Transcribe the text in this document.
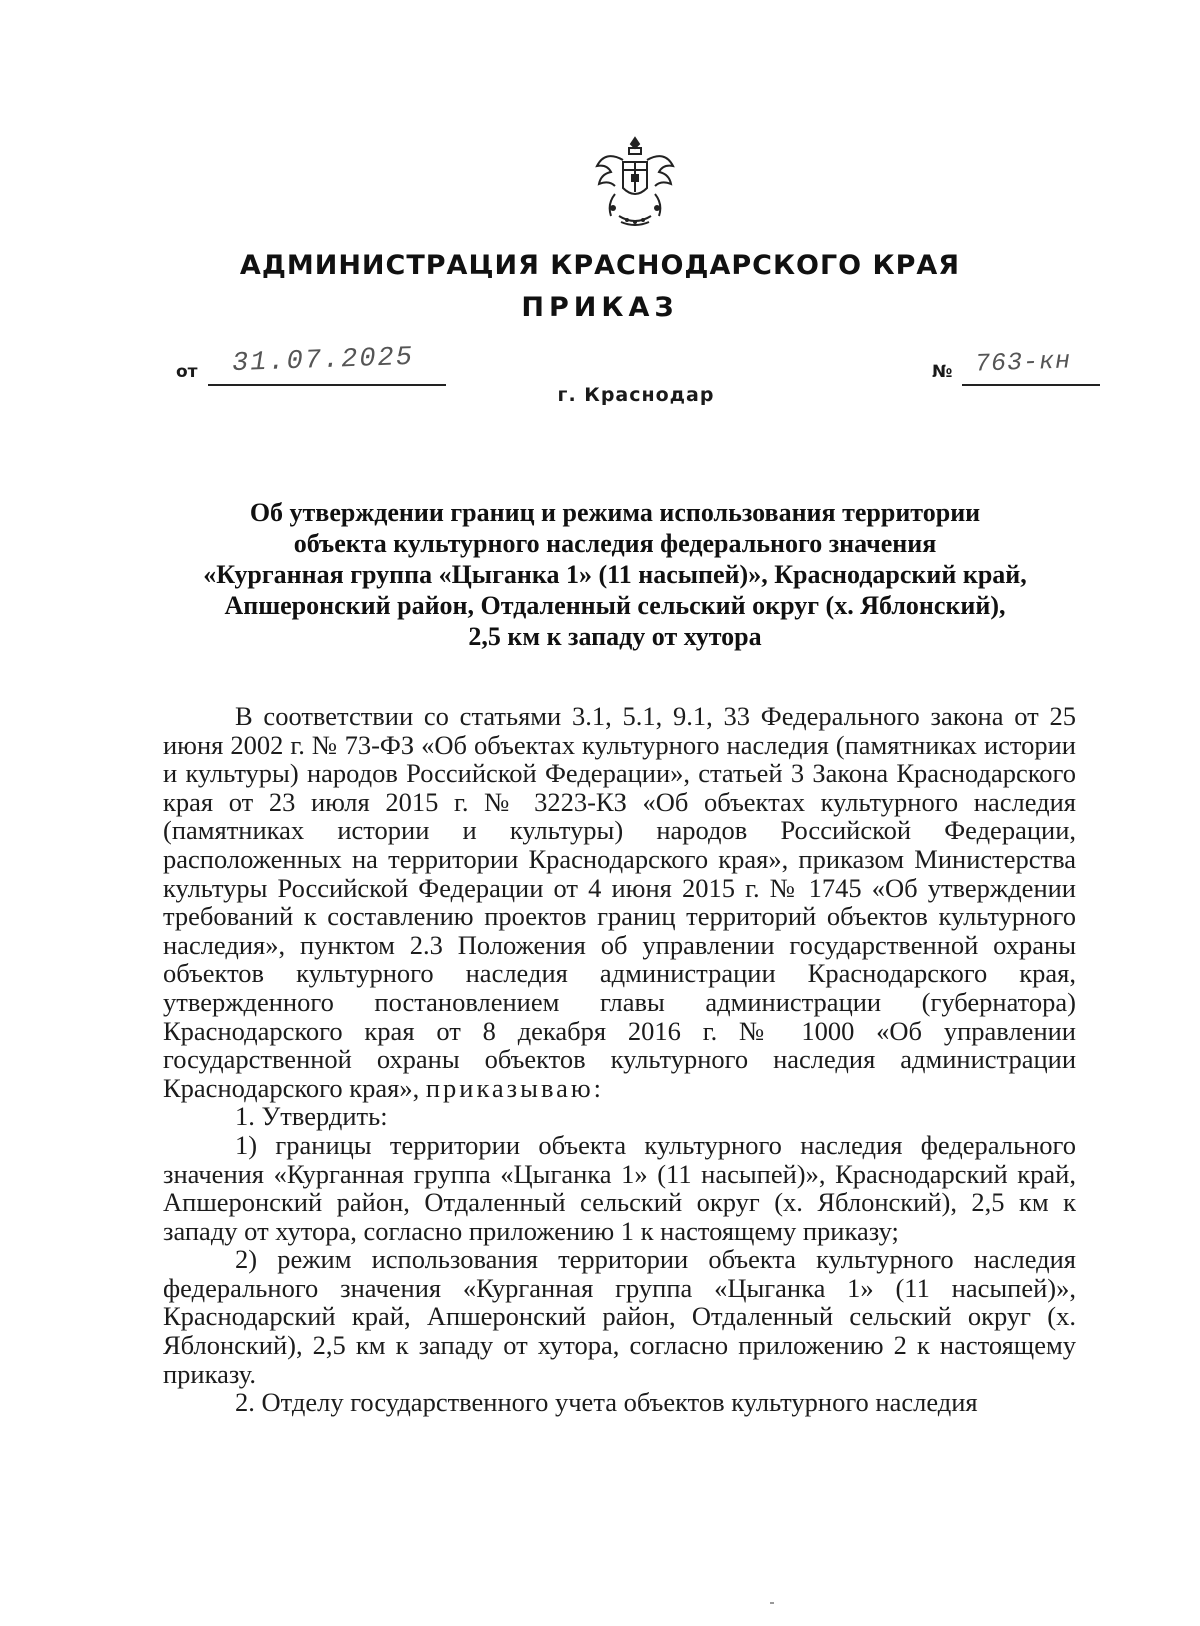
АДМИНИСТРАЦИЯ КРАСНОДАРСКОГО КРАЯ
ПРИКАЗ
от 31.07.2025	№ 763-кн
г. Краснодар
Об утверждении границ и режима использования территории
объекта культурного наследия федерального значения
«Курганная группа «Цыганка 1» (11 насыпей)», Краснодарский край,
Апшеронский район, Отдаленный сельский округ (х. Яблонский),
2,5 км к западу от хутора

В соответствии со статьями 3.1, 5.1, 9.1, 33 Федерального закона от 25 июня 2002 г. № 73-ФЗ «Об объектах культурного наследия (памятниках истории и культуры) народов Российской Федерации», статьей 3 Закона Краснодарского края от 23 июля 2015 г. № 3223-КЗ «Об объектах культурного наследия (памятниках истории и культуры) народов Российской Федерации, расположенных на территории Краснодарского края», приказом Министерства культуры Российской Федерации от 4 июня 2015 г. № 1745 «Об утверждении требований к составлению проектов границ территорий объектов культурного наследия», пунктом 2.3 Положения об управлении государственной охраны объектов культурного наследия администрации Краснодарского края, утвержденного постановлением главы администрации (губернатора) Краснодарского края от 8 декабря 2016 г. № 1000 «Об управлении государственной охраны объектов культурного наследия администрации Краснодарского края», приказываю:

1. Утвердить:

1) границы территории объекта культурного наследия федерального значения «Курганная группа «Цыганка 1» (11 насыпей)», Краснодарский край, Апшеронский район, Отдаленный сельский округ (х. Яблонский), 2,5 км к западу от хутора, согласно приложению 1 к настоящему приказу;

2) режим использования территории объекта культурного наследия федерального значения «Курганная группа «Цыганка 1» (11 насыпей)», Краснодарский край, Апшеронский район, Отдаленный сельский округ (х. Яблонский), 2,5 км к западу от хутора, согласно приложению 2 к настоящему приказу.

2. Отделу государственного учета объектов культурного наследия
